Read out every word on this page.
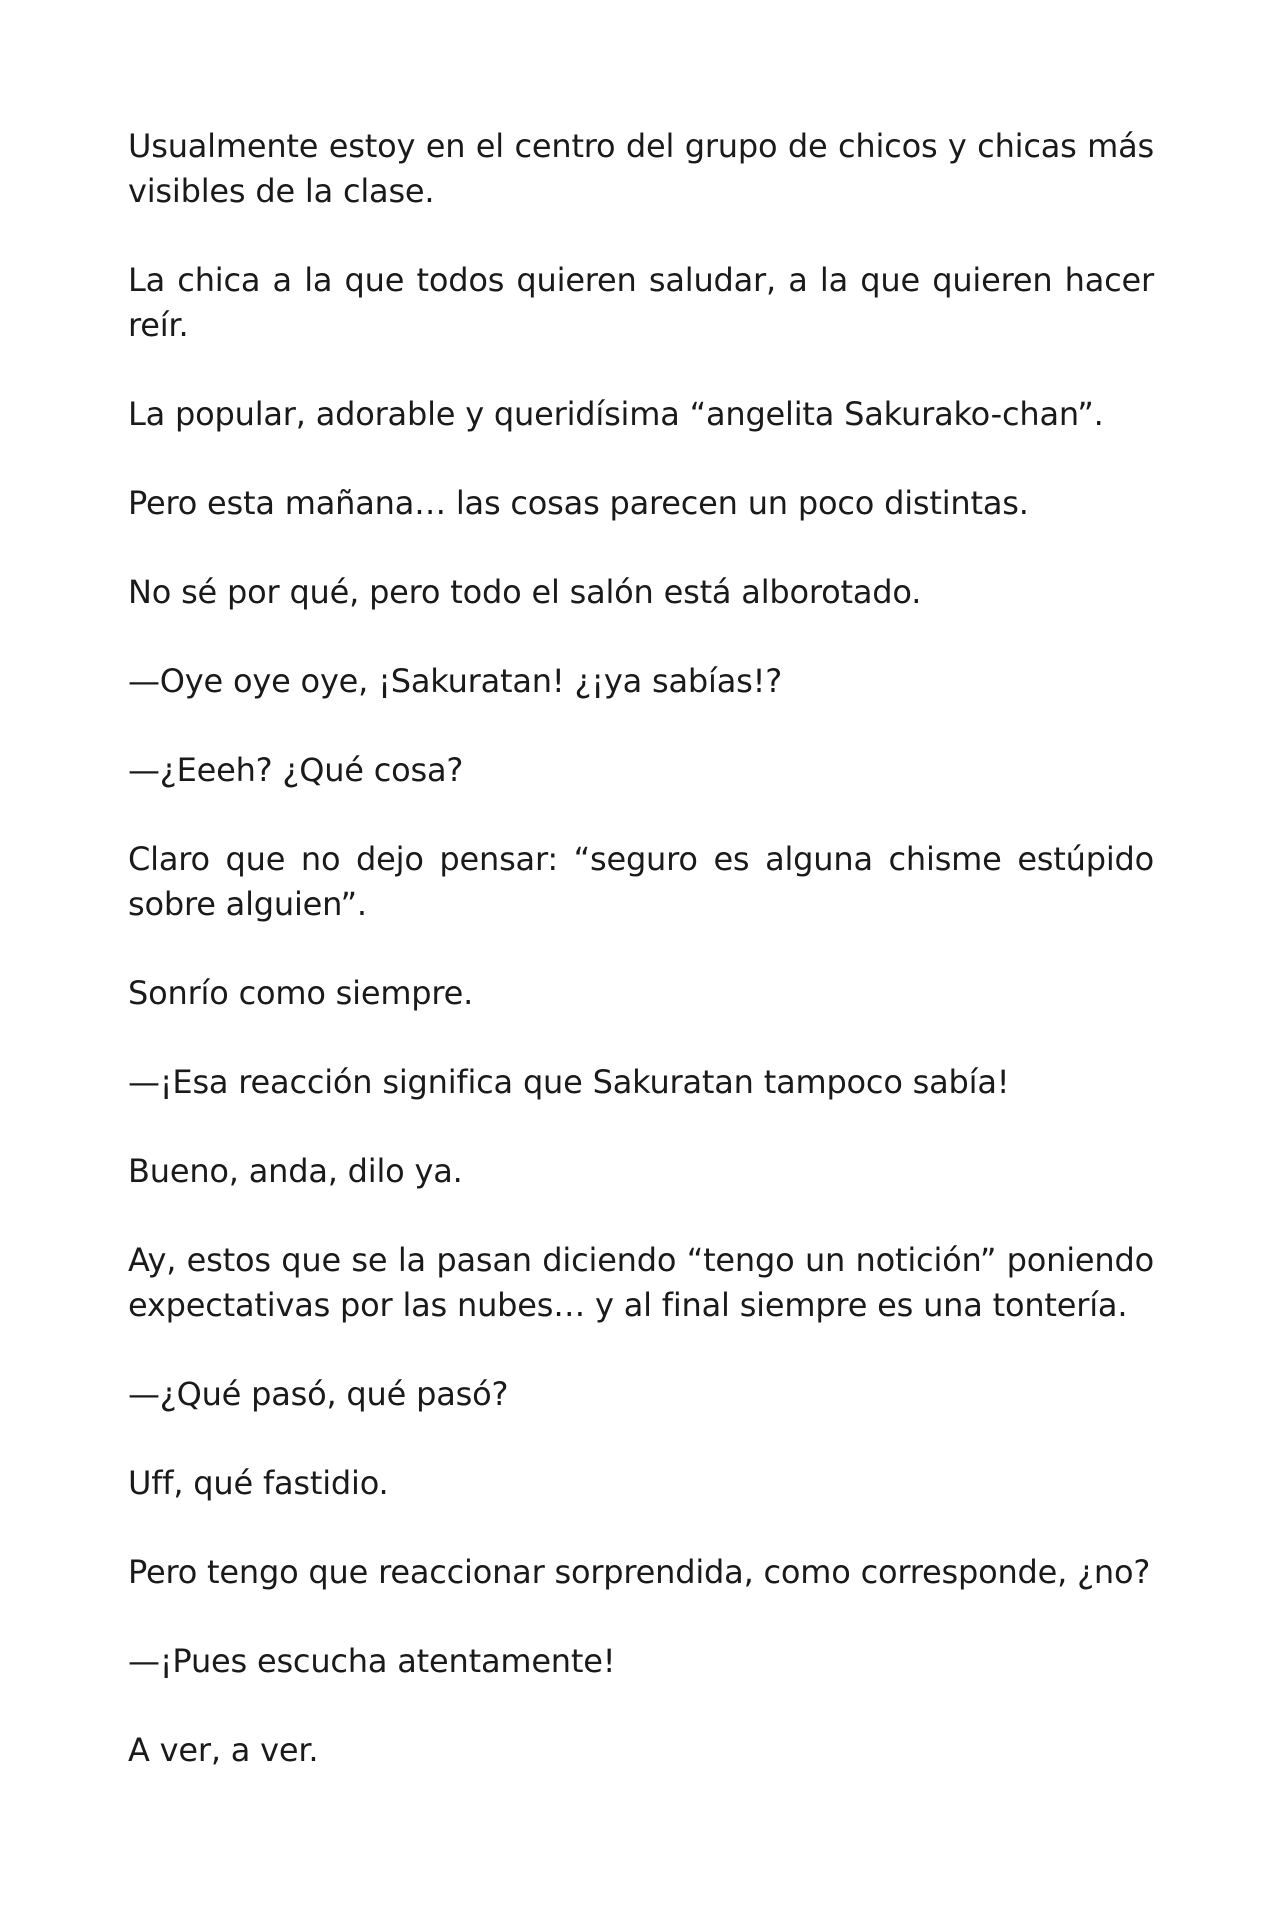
Usualmente estoy en el centro del grupo de chicos y chicas más visibles de la clase.

La chica a la que todos quieren saludar, a la que quieren hacer reír.

La popular, adorable y queridísima “angelita Sakurako-chan”.

Pero esta mañana… las cosas parecen un poco distintas.

No sé por qué, pero todo el salón está alborotado.

—Oye oye oye, ¡Sakuratan! ¿¡ya sabías!?

—¿Eeeh? ¿Qué cosa?

Claro que no dejo pensar: “seguro es alguna chisme estúpido sobre alguien”.

Sonrío como siempre.

—¡Esa reacción significa que Sakuratan tampoco sabía!

Bueno, anda, dilo ya.

Ay, estos que se la pasan diciendo “tengo un notición” poniendo expectativas por las nubes… y al final siempre es una tontería.

—¿Qué pasó, qué pasó?

Uff, qué fastidio.

Pero tengo que reaccionar sorprendida, como corresponde, ¿no?

—¡Pues escucha atentamente!

A ver, a ver.
